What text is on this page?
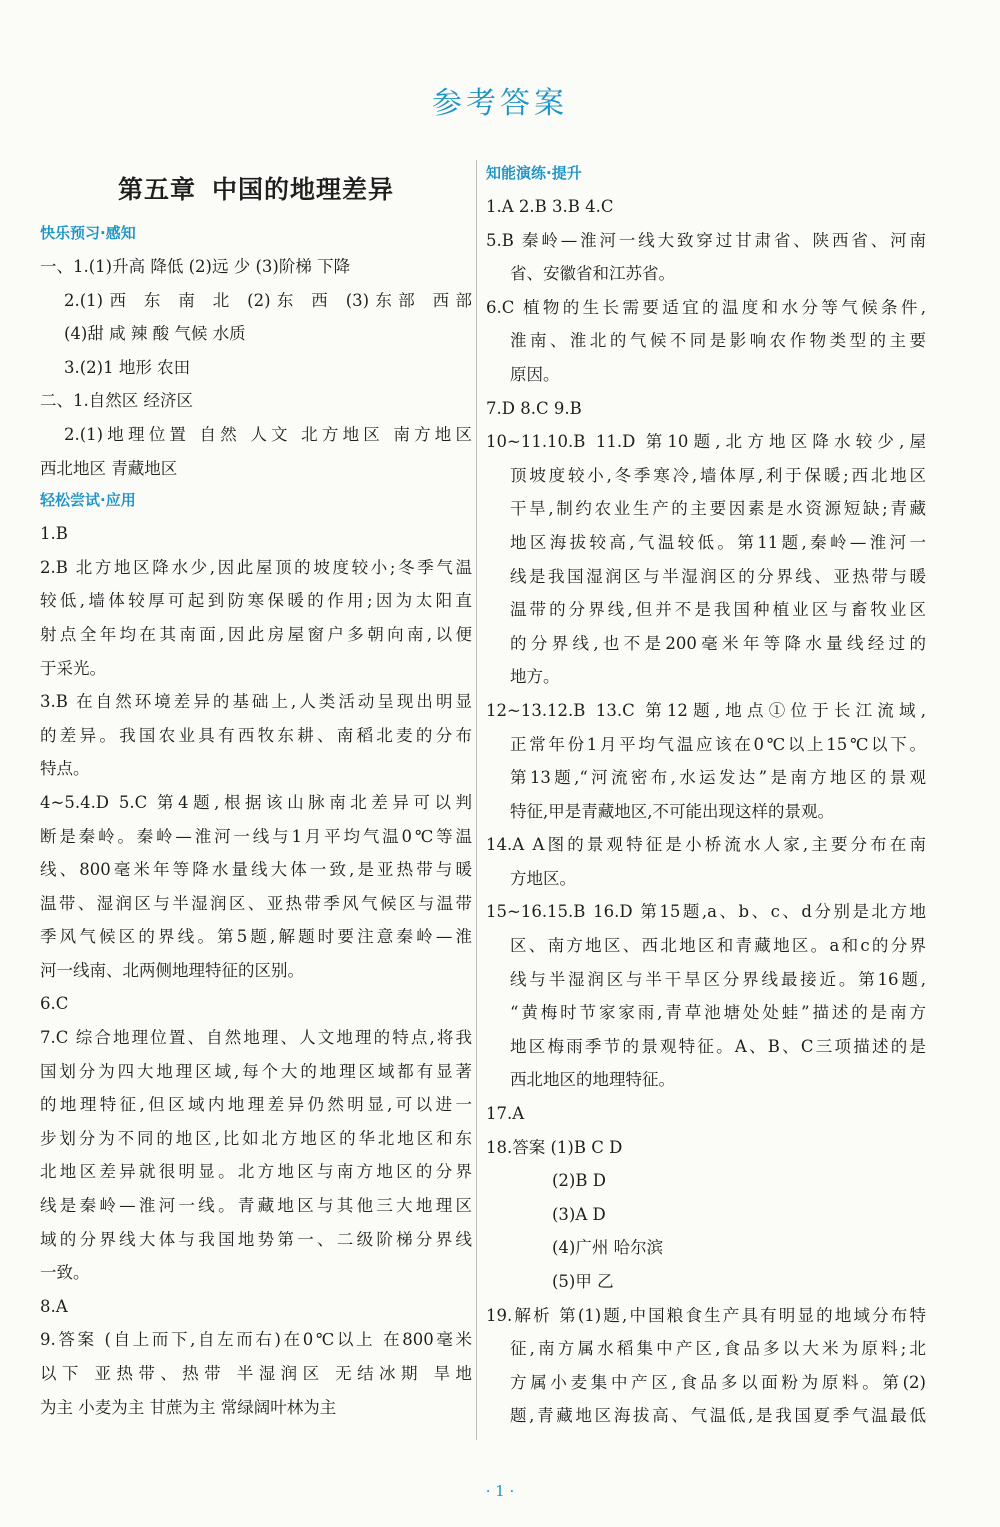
参考答案
第五章 中国的地理差异
快乐预习·感知
一、1.(1)升高 降低 (2)远 少 (3)阶梯 下降
2.(1)西 东 南 北 (2)东 西 (3)东部 西部
(4)甜 咸 辣 酸 气候 水质
3.(2)1 地形 农田
二、1.自然区 经济区
2.(1)地理位置 自然 人文 北方地区 南方地区
西北地区 青藏地区
轻松尝试·应用
1.B
2.B 北方地区降水少,因此屋顶的坡度较小;冬季气温
较低,墙体较厚可起到防寒保暖的作用;因为太阳直
射点全年均在其南面,因此房屋窗户多朝向南,以便
于采光。
3.B 在自然环境差异的基础上,人类活动呈现出明显
的差异。我国农业具有西牧东耕、南稻北麦的分布
特点。
4~5.4.D 5.C 第4题,根据该山脉南北差异可以判
断是秦岭。秦岭—淮河一线与1月平均气温0℃等温
线、800毫米年等降水量线大体一致,是亚热带与暖
温带、湿润区与半湿润区、亚热带季风气候区与温带
季风气候区的界线。第5题,解题时要注意秦岭—淮
河一线南、北两侧地理特征的区别。
6.C
7.C 综合地理位置、自然地理、人文地理的特点,将我
国划分为四大地理区域,每个大的地理区域都有显著
的地理特征,但区域内地理差异仍然明显,可以进一
步划分为不同的地区,比如北方地区的华北地区和东
北地区差异就很明显。北方地区与南方地区的分界
线是秦岭—淮河一线。青藏地区与其他三大地理区
域的分界线大体与我国地势第一、二级阶梯分界线
一致。
8.A
9.答案 (自上而下,自左而右)在0℃以上 在800毫米
以下 亚热带、热带 半湿润区 无结冰期 旱地
为主 小麦为主 甘蔗为主 常绿阔叶林为主
知能演练·提升
1.A 2.B 3.B 4.C
5.B 秦岭—淮河一线大致穿过甘肃省、陕西省、河南
省、安徽省和江苏省。
6.C 植物的生长需要适宜的温度和水分等气候条件,
淮南、淮北的气候不同是影响农作物类型的主要
原因。
7.D 8.C 9.B
10~11.10.B 11.D 第10题,北方地区降水较少,屋
顶坡度较小,冬季寒冷,墙体厚,利于保暖;西北地区
干旱,制约农业生产的主要因素是水资源短缺;青藏
地区海拔较高,气温较低。第11题,秦岭—淮河一
线是我国湿润区与半湿润区的分界线、亚热带与暖
温带的分界线,但并不是我国种植业区与畜牧业区
的分界线,也不是200毫米年等降水量线经过的
地方。
12~13.12.B 13.C 第12题,地点①位于长江流域,
正常年份1月平均气温应该在0℃以上15℃以下。
第13题,“河流密布,水运发达”是南方地区的景观
特征,甲是青藏地区,不可能出现这样的景观。
14.A A图的景观特征是小桥流水人家,主要分布在南
方地区。
15~16.15.B 16.D 第15题,a、b、c、d分别是北方地
区、南方地区、西北地区和青藏地区。a和c的分界
线与半湿润区与半干旱区分界线最接近。第16题,
“黄梅时节家家雨,青草池塘处处蛙”描述的是南方
地区梅雨季节的景观特征。A、B、C三项描述的是
西北地区的地理特征。
17.A
18.答案 (1)B C D
(2)B D
(3)A D
(4)广州 哈尔滨
(5)甲 乙
19.解析 第(1)题,中国粮食生产具有明显的地域分布特
征,南方属水稻集中产区,食品多以大米为原料;北
方属小麦集中产区,食品多以面粉为原料。第(2)
题,青藏地区海拔高、气温低,是我国夏季气温最低
· 1 ·
